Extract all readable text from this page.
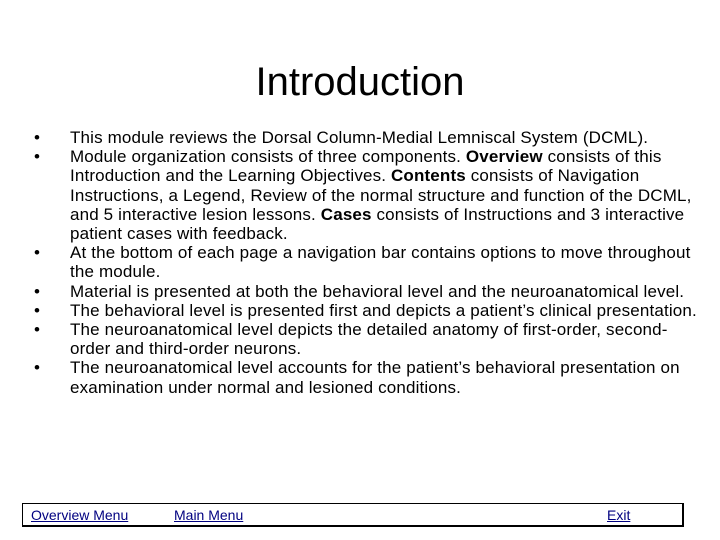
Introduction
• This module reviews the Dorsal Column-Medial Lemniscal System (DCML).
• Module organization consists of three components. Overview consists of this Introduction and the Learning Objectives. Contents consists of Navigation Instructions, a Legend, Review of the normal structure and function of the DCML, and 5 interactive lesion lessons. Cases consists of Instructions and 3 interactive patient cases with feedback.
• At the bottom of each page a navigation bar contains options to move throughout the module.
• Material is presented at both the behavioral level and the neuroanatomical level.
• The behavioral level is presented first and depicts a patient’s clinical presentation.
• The neuroanatomical level depicts the detailed anatomy of first-order, second-order and third-order neurons.
• The neuroanatomical level accounts for the patient’s behavioral presentation on examination under normal and lesioned conditions.
Overview Menu	Main Menu	Exit
